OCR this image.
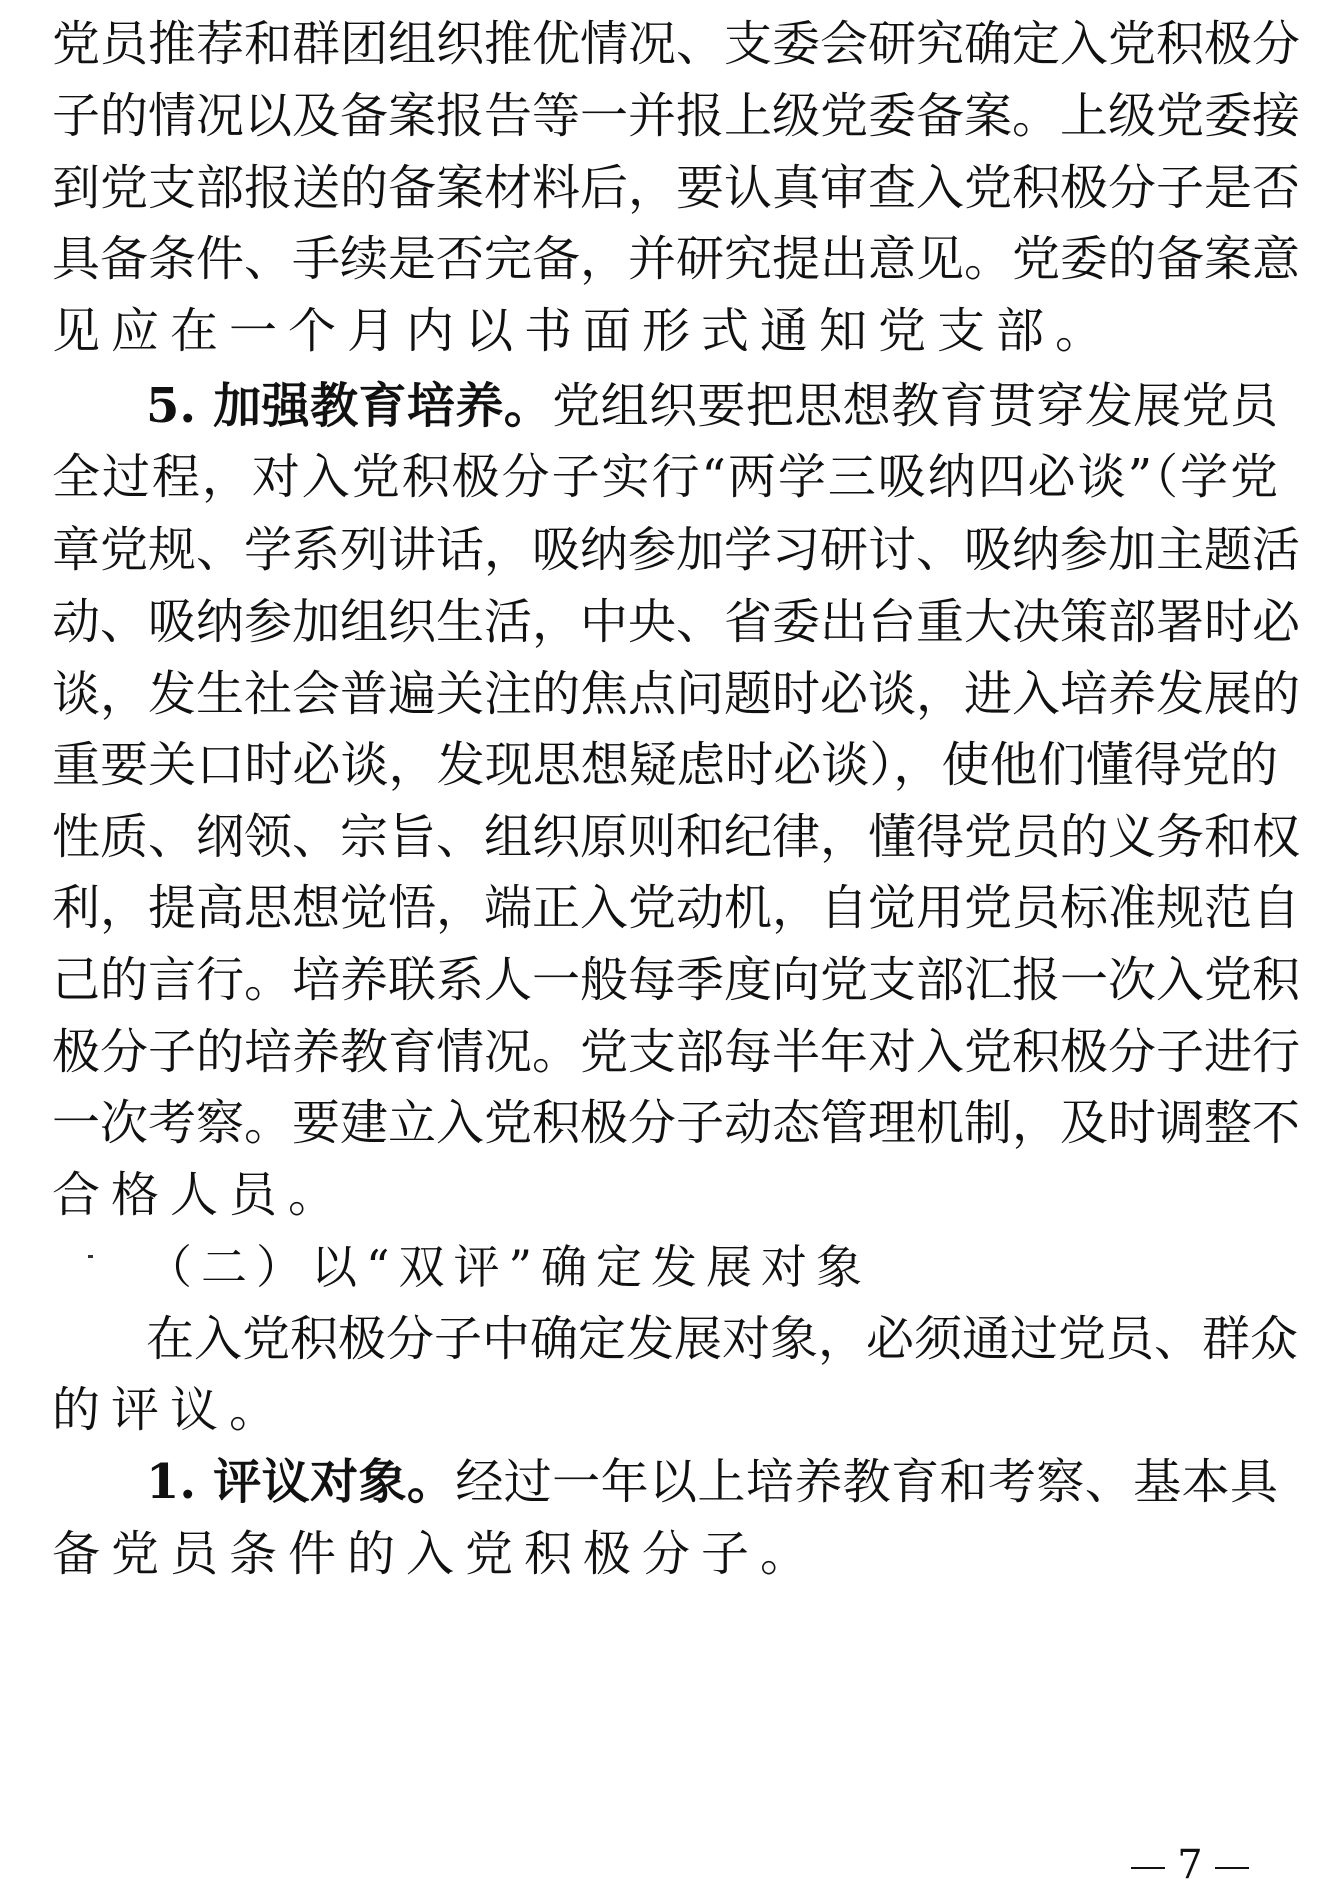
党员推荐和群团组织推优情况、支委会研究确定入党积极分
子的情况以及备案报告等一并报上级党委备案。上级党委接
到党支部报送的备案材料后，要认真审查入党积极分子是否
具备条件、手续是否完备，并研究提出意见。党委的备案意
见应在一个月内以书面形式通知党支部。
5. 加强教育培养。党组织要把思想教育贯穿发展党员
全过程，对入党积极分子实行“两学三吸纳四必谈”（学党
章党规、学系列讲话，吸纳参加学习研讨、吸纳参加主题活
动、吸纳参加组织生活，中央、省委出台重大决策部署时必
谈，发生社会普遍关注的焦点问题时必谈，进入培养发展的
重要关口时必谈，发现思想疑虑时必谈），使他们懂得党的
性质、纲领、宗旨、组织原则和纪律，懂得党员的义务和权
利，提高思想觉悟，端正入党动机，自觉用党员标准规范自
己的言行。培养联系人一般每季度向党支部汇报一次入党积
极分子的培养教育情况。党支部每半年对入党积极分子进行
一次考察。要建立入党积极分子动态管理机制，及时调整不
合格人员。
（二）以“双评”确定发展对象
在入党积极分子中确定发展对象，必须通过党员、群众
的评议。
1. 评议对象。经过一年以上培养教育和考察、基本具
备党员条件的入党积极分子。
7
